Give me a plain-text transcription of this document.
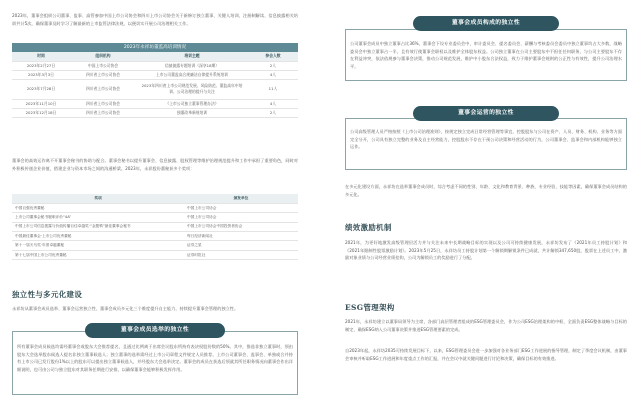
2023年，董事会组织公司董事、监事、高管参加中国上市公司协会和四川上市公司协会关于新修订独立董事、关键人培训、注册制解读、信息披露相关培训共计5次，确保董事及时学习了解最新的上市监管法律法规，以便切实开展公司治理相关工作。
2023年永祥坊董监高培训情况
时间	组织机构	培训主题	参会人数
2023年2月27日	中国上市公司协会	信披披露专题培训（深享18期）	2人
2023年3月3日	四川省上市公司协会	上市公司董监高合规廉洁自律提升系统培训	4人
2023年7月28日	四川省上市公司协会	2023年四川省上市公司规范发展、风险防范、董监高年中培训、公司治理的提升与关注	11人
2023年11月10日	四川省上市公司协会	《上市公司独立董事管理办法》	4人
2023年12月18日	四川省上市公司协会	独董改革新规培训	2人
董事会的高效运作离不开董事会秘书的协助与配合。董事会秘书以提升董事会、信息披露、股权管理等维护治理规范提升和工作中承担了重要角色，同时对外积极传递企业价值，搭建企业与资本市场之间的沟通桥梁。2023年，永祥股份董秘获多个奖项：
奖项	颁发单位
中国百强优秀董秘	中国上市公司协会
上市公司董事会秘书履职评价“4A”	中国上市公司协会
中国上市公司信息披露与价值传播百佳卓越奖·“金揽鸭”最佳董事会秘书	中国上市公司协会中国投资者协会
中国最佳董事会·上市公司优秀董秘	每日经济新闻社
第十一届天马奖·年度卓越董秘	证券之星
第十七届中国上市公司优秀董秘	证券时报社
独立性与多元化建设
永祥坊从董事会成员选举、董事会运营独立性、董事会成员多元化三个维度提升自主能力，持续提升董事会管理的独立性。
所有董事会成员候选均需经董事会或股东大会推荐提名，且通过比例离于出席会议股东所持有表决权股份数的50%。其中，推选非独立董事时，须由股东大会选举股东候选人提名非独立董事候选人；独立董事的选举需经过上市公司章程文件规定人员推荐，上市公司董事会、监事会、单独或合并持有上市公司已发行股份1%以上的股东可以提出独立董事候选人，并经股东大会选举决定。董事会的成员在获选后须就其所任职务情况向董事会作出详细说明，也可由公司与独立股东对其职务任期进行安排，以确保董事会能够积极发挥作用。
董事会成员选举的独立性
公司董事会成员中独立董事占比36%，董事会下设专业委员会中，审计委员会、提名委员会、薪酬与考核委员会委员中独立董事均占大多数，战略委员会中独立董事占一半，且有效行使董事会职权以及维护全体股东权益。公司独立董事在公司主要股东中不担任任何职务，与公司主要股东不存在利益冲突，依法依规参与董事会决策，推动公司规范发展，维护中小股东合法权益，致力于维护董事会规则的公正性与有效性，提升公司治理水平。
董事会成员构成的独立性
公司高级管理人员严格按照《上市公司治理准则》，按规定独立完成日常经营管理等事宜，控股股东与公司在资产、人员、财务、机构、业务等方面完全分开，公司具有独立完整的业务及自主经营能力，控股股东不存在干预公司决策和经营活动的行为，公司董事会、监事会和内部机构能够独立运作。
董事会运营的独立性
在多元化建设方面，永祥坊在选举董事会成员时，综合考虑不同的性别、年龄、文化和教育背景、种族、专业经验、技能等因素，确保董事会成员结构的多元化。
绩效激励机制
2021年，为更好地激发高级管理层活力并与关注未来中长期战略目标的实现以及公司可持续健康发展，永祥坊发布了《2021年员工持股计划》和《2021年限制性股票激励计划》。2023年5月25日，永祥坊员工持股计划第一个解锁期解锁条件已成就，共计解锁347,650股，股票在上述员工中，激励对象业绩与公司经营业绩挂钩，公司为解锁员工的奖励进行了分配。
ESG管理架构
2021年，永祥坊建立以董事局领导为主席，各部门高层管理者组成的ESG管理委员会，作为公司ESG治理架构的中枢，全面负责ESG整体战略与目标的制定、确保ESG纳入公司董事决策并推进ESG管理要素的完成。
自2023年起，永祥坊2035可持续发展目标下，以来，ESG管理委员会进一步加强对各业务部门ESG工作进展的指导管理，制定了季度会议机制，由董事会审核并听取ESG工作进展和年度重点工作的汇报，并在会议中就关键问题进行讨论和决策，确保目标的有效推进。
